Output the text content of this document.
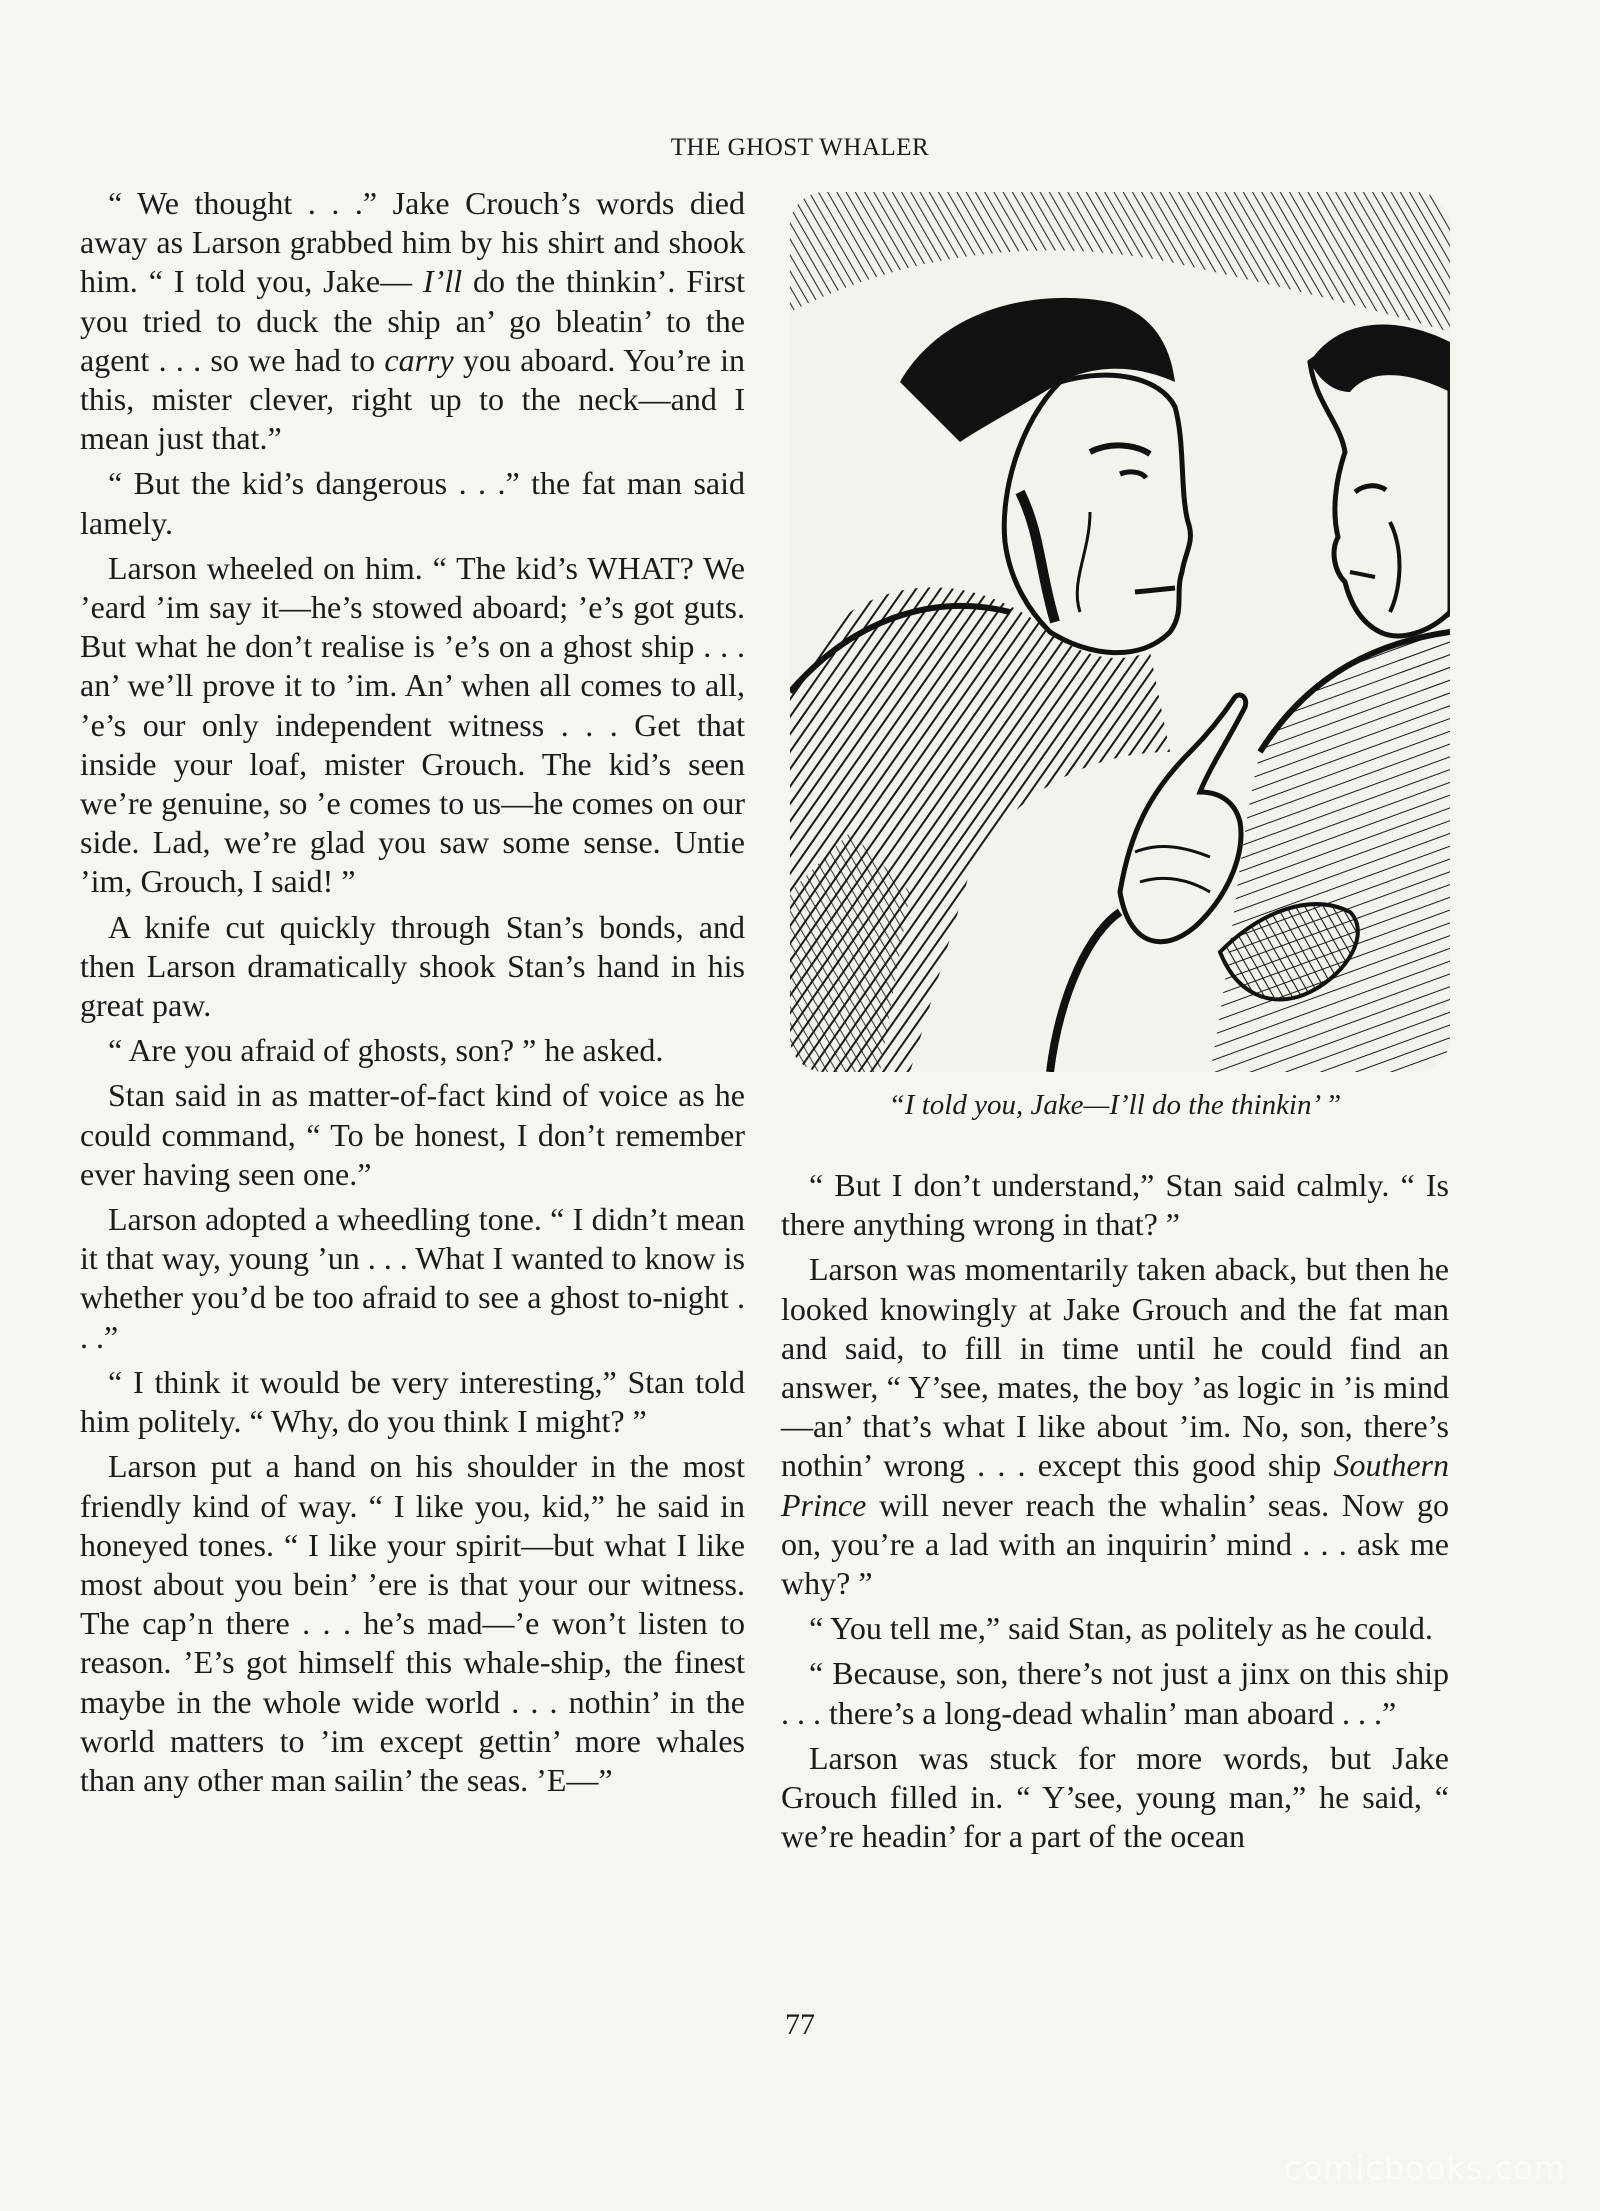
THE GHOST WHALER

“ We thought . . .” Jake Crouch’s words died away as Larson grabbed him by his shirt and shook him. “ I told you, Jake— I’ll do the thinkin’. First you tried to duck the ship an’ go bleatin’ to the agent . . . so we had to carry you aboard. You’re in this, mister clever, right up to the neck—and I mean just that.”

“ But the kid’s dangerous . . .” the fat man said lamely.

Larson wheeled on him. “ The kid’s WHAT? We ’eard ’im say it—he’s stowed aboard; ’e’s got guts. But what he don’t realise is ’e’s on a ghost ship . . . an’ we’ll prove it to ’im. An’ when all comes to all, ’e’s our only independent witness . . . Get that inside your loaf, mister Grouch. The kid’s seen we’re genuine, so ’e comes to us—he comes on our side. Lad, we’re glad you saw some sense. Untie ’im, Grouch, I said! ”

A knife cut quickly through Stan’s bonds, and then Larson dramatically shook Stan’s hand in his great paw.

“ Are you afraid of ghosts, son? ” he asked.

Stan said in as matter-of-fact kind of voice as he could command, “ To be honest, I don’t remember ever having seen one.”

Larson adopted a wheedling tone. “ I didn’t mean it that way, young ’un . . . What I wanted to know is whether you’d be too afraid to see a ghost to-night . . .”

“ I think it would be very interesting,” Stan told him politely. “ Why, do you think I might? ”

Larson put a hand on his shoulder in the most friendly kind of way. “ I like you, kid,” he said in honeyed tones. “ I like your spirit—but what I like most about you bein’ ’ere is that your our witness. The cap’n there . . . he’s mad—’e won’t listen to reason. ’E’s got himself this whale-ship, the finest maybe in the whole wide world . . . nothin’ in the world matters to ’im except gettin’ more whales than any other man sailin’ the seas. ’E—”

“I told you, Jake—I’ll do the thinkin’ ”

“ But I don’t understand,” Stan said calmly. “ Is there anything wrong in that? ”

Larson was momentarily taken aback, but then he looked knowingly at Jake Grouch and the fat man and said, to fill in time until he could find an answer, “ Y’see, mates, the boy ’as logic in ’is mind—an’ that’s what I like about ’im. No, son, there’s nothin’ wrong . . . except this good ship Southern Prince will never reach the whalin’ seas. Now go on, you’re a lad with an inquirin’ mind . . . ask me why? ”

“ You tell me,” said Stan, as politely as he could.

“ Because, son, there’s not just a jinx on this ship . . . there’s a long-dead whalin’ man aboard . . .”

Larson was stuck for more words, but Jake Grouch filled in. “ Y’see, young man,” he said, “ we’re headin’ for a part of the ocean

77
comicbooks.com
